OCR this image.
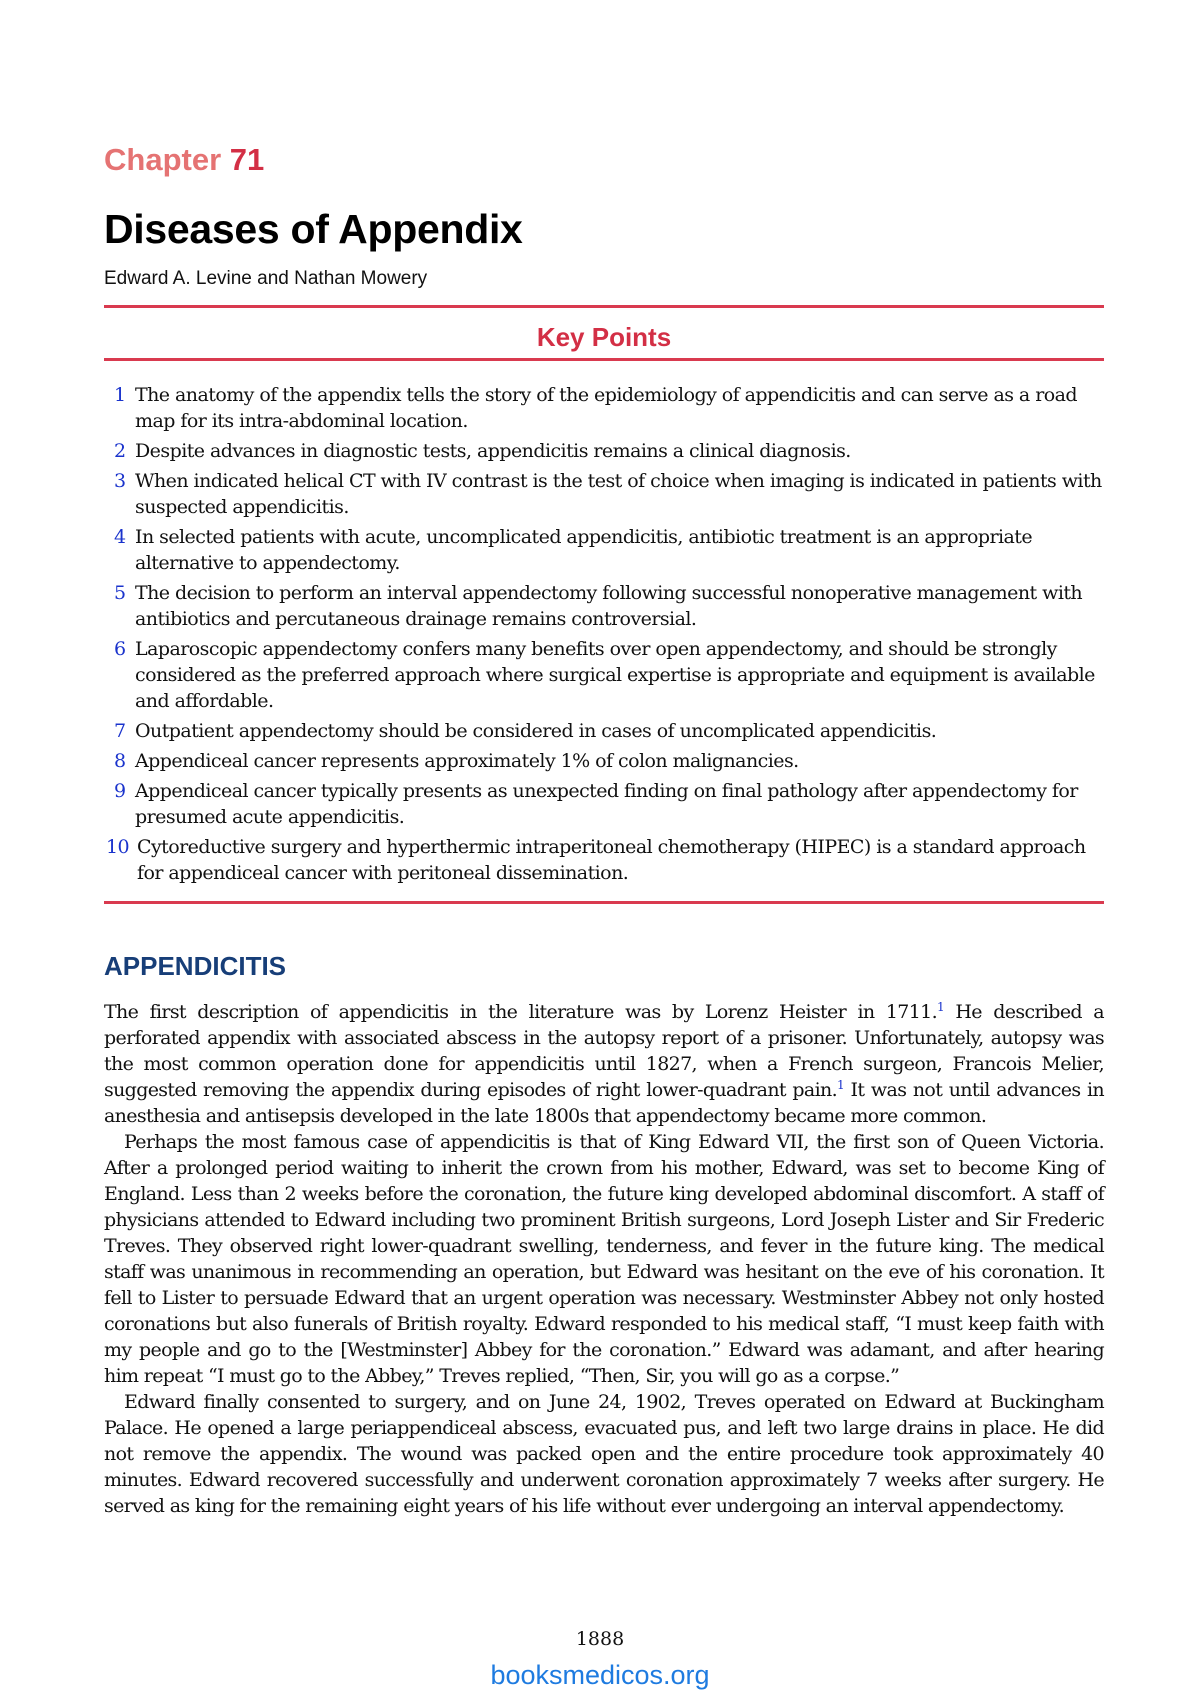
Chapter 71
Diseases of Appendix
Edward A. Levine and Nathan Mowery
Key Points
1 The anatomy of the appendix tells the story of the epidemiology of appendicitis and can serve as a road map for its intra-abdominal location.
2 Despite advances in diagnostic tests, appendicitis remains a clinical diagnosis.
3 When indicated helical CT with IV contrast is the test of choice when imaging is indicated in patients with suspected appendicitis.
4 In selected patients with acute, uncomplicated appendicitis, antibiotic treatment is an appropriate alternative to appendectomy.
5 The decision to perform an interval appendectomy following successful nonoperative management with antibiotics and percutaneous drainage remains controversial.
6 Laparoscopic appendectomy confers many benefits over open appendectomy, and should be strongly considered as the preferred approach where surgical expertise is appropriate and equipment is available and affordable.
7 Outpatient appendectomy should be considered in cases of uncomplicated appendicitis.
8 Appendiceal cancer represents approximately 1% of colon malignancies.
9 Appendiceal cancer typically presents as unexpected finding on final pathology after appendectomy for presumed acute appendicitis.
10 Cytoreductive surgery and hyperthermic intraperitoneal chemotherapy (HIPEC) is a standard approach for appendiceal cancer with peritoneal dissemination.
APPENDICITIS

The first description of appendicitis in the literature was by Lorenz Heister in 1711.$^1$ He described a perforated appendix with associated abscess in the autopsy report of a prisoner. Unfortunately, autopsy was the most common operation done for appendicitis until 1827, when a French surgeon, Francois Melier, suggested removing the appendix during episodes of right lower-quadrant pain.$^1$ It was not until advances in anesthesia and antisepsis developed in the late 1800s that appendectomy became more common.

Perhaps the most famous case of appendicitis is that of King Edward VII, the first son of Queen Victoria. After a prolonged period waiting to inherit the crown from his mother, Edward, was set to become King of England. Less than 2 weeks before the coronation, the future king developed abdominal discomfort. A staff of physicians attended to Edward including two prominent British surgeons, Lord Joseph Lister and Sir Frederic Treves. They observed right lower-quadrant swelling, tenderness, and fever in the future king. The medical staff was unanimous in recommending an operation, but Edward was hesitant on the eve of his coronation. It fell to Lister to persuade Edward that an urgent operation was necessary. Westminster Abbey not only hosted coronations but also funerals of British royalty. Edward responded to his medical staff, “I must keep faith with my people and go to the [Westminster] Abbey for the coronation.” Edward was adamant, and after hearing him repeat “I must go to the Abbey,” Treves replied, “Then, Sir, you will go as a corpse.”

Edward finally consented to surgery, and on June 24, 1902, Treves operated on Edward at Buckingham Palace. He opened a large periappendiceal abscess, evacuated pus, and left two large drains in place. He did not remove the appendix. The wound was packed open and the entire procedure took approximately 40 minutes. Edward recovered successfully and underwent coronation approximately 7 weeks after surgery. He served as king for the remaining eight years of his life without ever undergoing an interval appendectomy.

1888
booksmedicos.org
